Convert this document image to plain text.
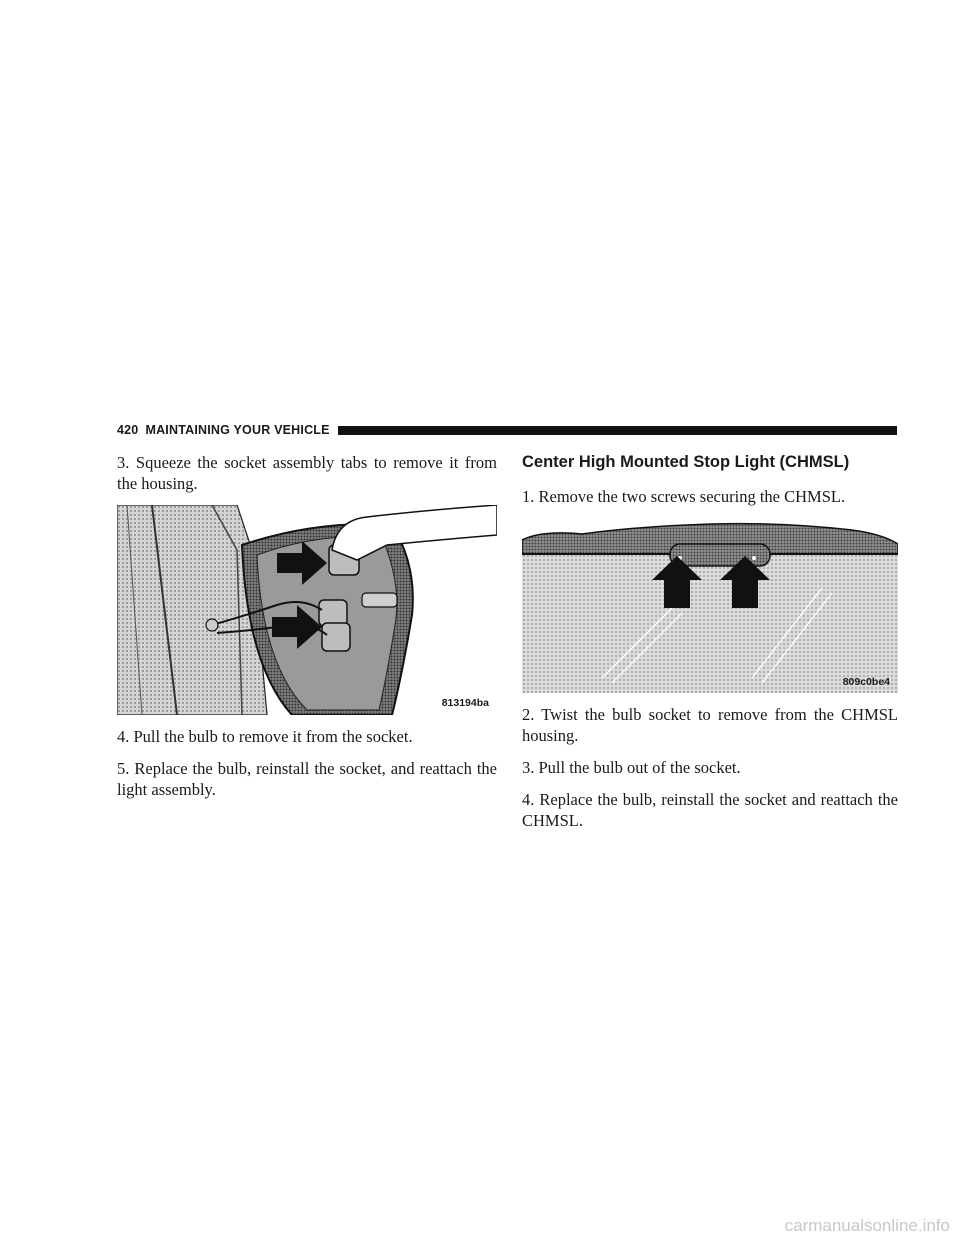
420 MAINTAINING YOUR VEHICLE

3. Squeeze the socket assembly tabs to remove it from the housing.

813194ba

4. Pull the bulb to remove it from the socket.

5. Replace the bulb, reinstall the socket, and reattach the light assembly.

Center High Mounted Stop Light (CHMSL)

1. Remove the two screws securing the CHMSL.

809c0be4

2. Twist the bulb socket to remove from the CHMSL housing.

3. Pull the bulb out of the socket.

4. Replace the bulb, reinstall the socket and reattach the CHMSL.

carmanualsonline.info
